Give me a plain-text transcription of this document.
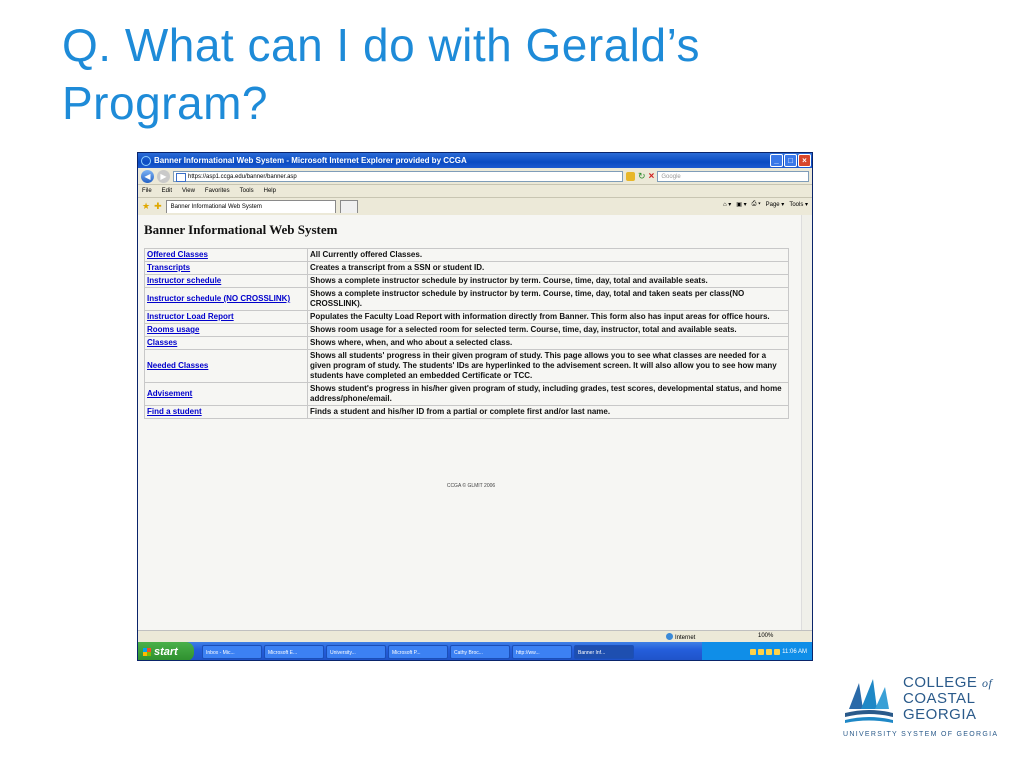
Q. What can I do with Gerald’s Program?
Banner Informational Web System - Microsoft Internet Explorer provided by CCGA	_	□	×
◀	▶	https://asp1.ccga.edu/banner/banner.asp	↻ ×	Google
File Edit View Favorites Tools Help
★ ✚	Banner Informational Web System	⌂ ▾ ▣ ▾ ⎙ ▾ Page ▾ Tools ▾
Banner Informational Web System
Offered Classes	All Currently offered Classes.
Transcripts	Creates a transcript from a SSN or student ID.
Instructor schedule	Shows a complete instructor schedule by instructor by term. Course, time, day, total and available seats.
Instructor schedule (NO CROSSLINK)	Shows a complete instructor schedule by instructor by term. Course, time, day, total and taken seats per class(NO CROSSLINK).
Instructor Load Report	Populates the Faculty Load Report with information directly from Banner. This form also has input areas for office hours.
Rooms usage	Shows room usage for a selected room for selected term. Course, time, day, instructor, total and available seats.
Classes	Shows where, when, and who about a selected class.
Needed Classes	Shows all students' progress in their given program of study. This page allows you to see what classes are needed for a given program of study. The students' IDs are hyperlinked to the advisement screen. It will also allow you to see how many students have completed an embedded Certificate or TCC.
Advisement	Shows student's progress in his/her given program of study, including grades, test scores, developmental status, and home address/phone/email.
Find a student	Finds a student and his/her ID from a partial or complete first and/or last name.
CCGA © GLMIT 2006
Internet	100%
start	Inbox - Mic...	Microsoft E...	University...	Microsoft P...	Cathy Broc...	http://ww...	Banner Inf...	11:06 AM
COLLEGE of
COASTAL
GEORGIA
UNIVERSITY SYSTEM OF GEORGIA
